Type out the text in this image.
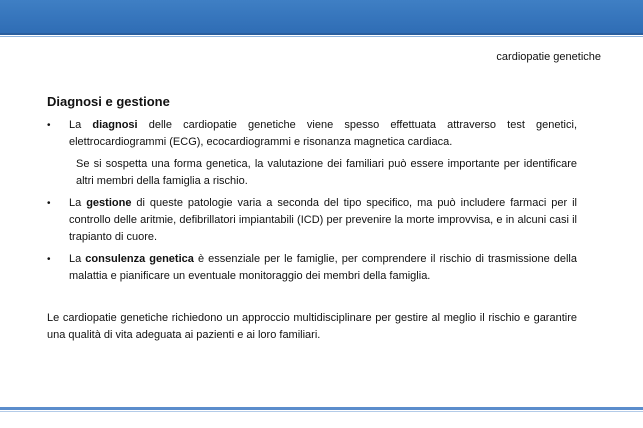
cardiopatie genetiche
Diagnosi e gestione
• La diagnosi delle cardiopatie genetiche viene spesso effettuata attraverso test genetici, elettrocardiogrammi (ECG), ecocardiogrammi e risonanza magnetica cardiaca.
Se si sospetta una forma genetica, la valutazione dei familiari può essere importante per identificare altri membri della famiglia a rischio.
• La gestione di queste patologie varia a seconda del tipo specifico, ma può includere farmaci per il controllo delle aritmie, defibrillatori impiantabili (ICD) per prevenire la morte improvvisa, e in alcuni casi il trapianto di cuore.
• La consulenza genetica è essenziale per le famiglie, per comprendere il rischio di trasmissione della malattia e pianificare un eventuale monitoraggio dei membri della famiglia.
Le cardiopatie genetiche richiedono un approccio multidisciplinare per gestire al meglio il rischio e garantire una qualità di vita adeguata ai pazienti e ai loro familiari.
